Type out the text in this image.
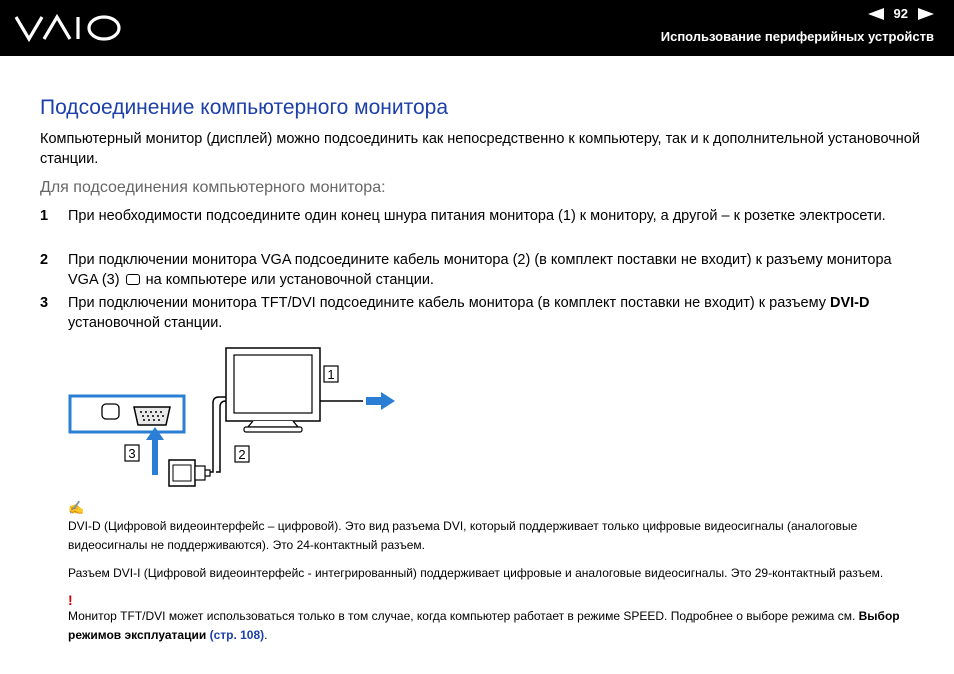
92
Использование периферийных устройств
Подсоединение компьютерного монитора

Компьютерный монитор (дисплей) можно подсоединить как непосредственно к компьютеру, так и к дополнительной установочной станции.

Для подсоединения компьютерного монитора:

1 При необходимости подсоедините один конец шнура питания монитора (1) к монитору, а другой – к розетке электросети.
2 При подключении монитора VGA подсоедините кабель монитора (2) (в комплект поставки не входит) к разъему монитора VGA (3) на компьютере или установочной станции.
3 При подключении монитора TFT/DVI подсоедините кабель монитора (в комплект поставки не входит) к разъему DVI-D установочной станции.
3	2
1
✍

DVI-D (Цифровой видеоинтерфейс – цифровой). Это вид разъема DVI, который поддерживает только цифровые видеосигналы (аналоговые видеосигналы не поддерживаются). Это 24-контактный разъем.

Разъем DVI-I (Цифровой видеоинтерфейс - интегрированный) поддерживает цифровые и аналоговые видеосигналы. Это 29-контактный разъем.

!

Монитор TFT/DVI может использоваться только в том случае, когда компьютер работает в режиме SPEED. Подробнее о выборе режима см. Выбор режимов эксплуатации (стр. 108).
